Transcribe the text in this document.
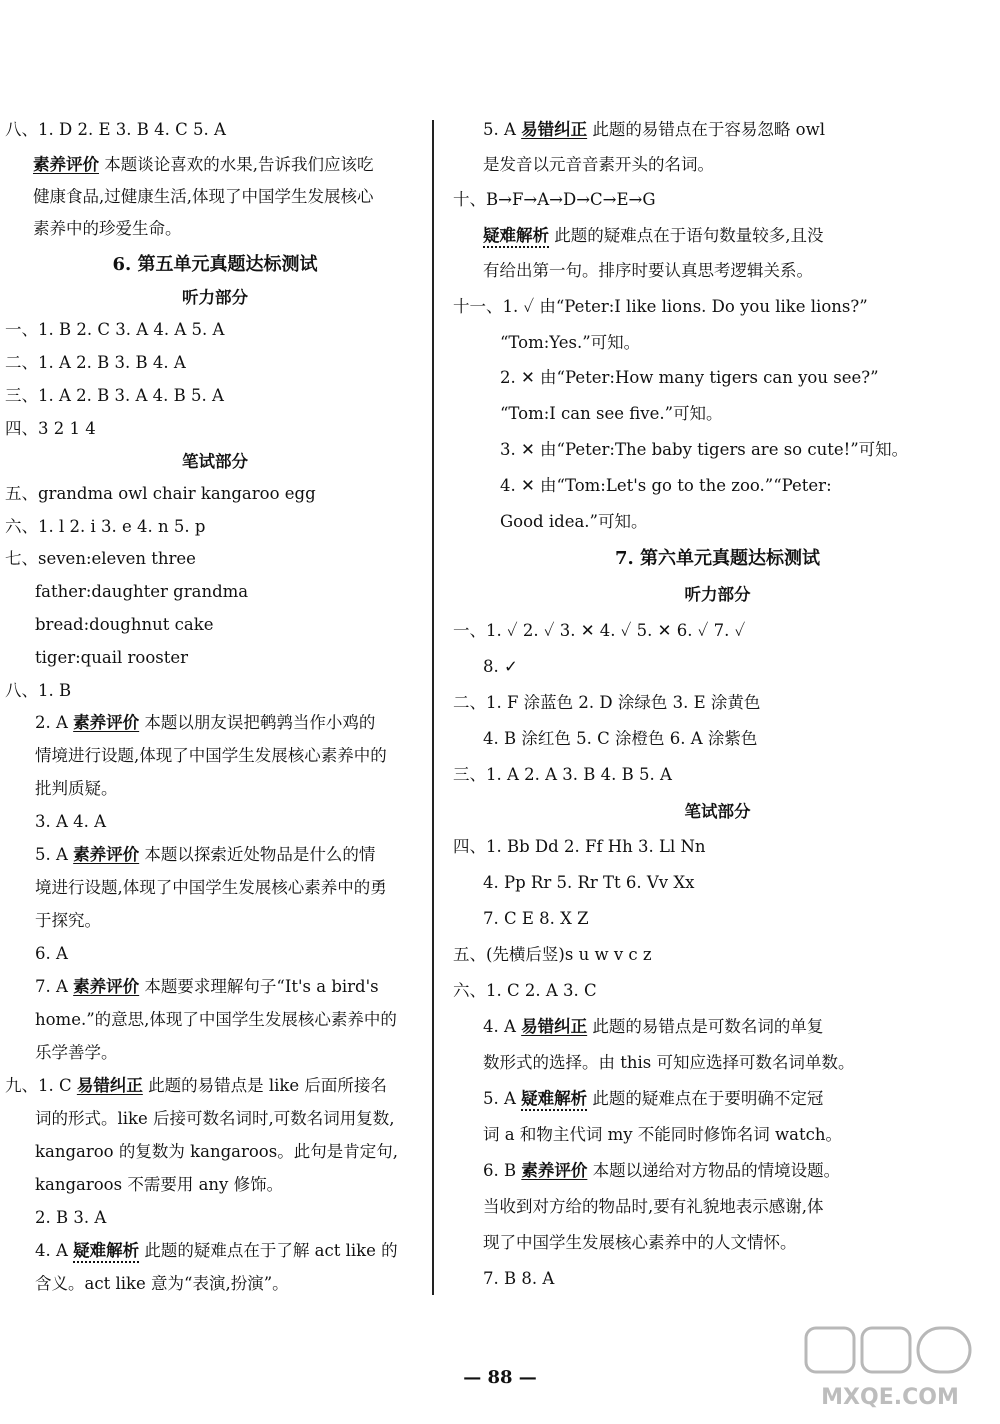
八、1. D 2. E 3. B 4. C 5. A
素养评价 本题谈论喜欢的水果,告诉我们应该吃
健康食品,过健康生活,体现了中国学生发展核心
素养中的珍爱生命。
6. 第五单元真题达标测试
听力部分
一、1. B 2. C 3. A 4. A 5. A
二、1. A 2. B 3. B 4. A
三、1. A 2. B 3. A 4. B 5. A
四、3 2 1 4
笔试部分
五、grandma owl chair kangaroo egg
六、1. l 2. i 3. e 4. n 5. p
七、seven:eleven three
father:daughter grandma
bread:doughnut cake
tiger:quail rooster
八、1. B
2. A 素养评价 本题以朋友误把鹌鹑当作小鸡的
情境进行设题,体现了中国学生发展核心素养中的
批判质疑。
3. A 4. A
5. A 素养评价 本题以探索近处物品是什么的情
境进行设题,体现了中国学生发展核心素养中的勇
于探究。
6. A
7. A 素养评价 本题要求理解句子“It's a bird's
home.”的意思,体现了中国学生发展核心素养中的
乐学善学。
九、1. C 易错纠正 此题的易错点是 like 后面所接名
词的形式。like 后接可数名词时,可数名词用复数,
kangaroo 的复数为 kangaroos。此句是肯定句,
kangaroos 不需要用 any 修饰。
2. B 3. A
4. A 疑难解析 此题的疑难点在于了解 act like 的
含义。act like 意为“表演,扮演”。
5. A 易错纠正 此题的易错点在于容易忽略 owl
是发音以元音音素开头的名词。
十、B→F→A→D→C→E→G
疑难解析 此题的疑难点在于语句数量较多,且没
有给出第一句。排序时要认真思考逻辑关系。
十一、1. ✓ 由“Peter:I like lions. Do you like lions?”
“Tom:Yes.”可知。
2. ✕ 由“Peter:How many tigers can you see?”
“Tom:I can see five.”可知。
3. ✕ 由“Peter:The baby tigers are so cute!”可知。
4. ✕ 由“Tom:Let's go to the zoo.”“Peter:
Good idea.”可知。
7. 第六单元真题达标测试
听力部分
一、1. ✓ 2. ✓ 3. ✕ 4. ✓ 5. ✕ 6. ✓ 7. ✓
8. ✓
二、1. F 涂蓝色 2. D 涂绿色 3. E 涂黄色
4. B 涂红色 5. C 涂橙色 6. A 涂紫色
三、1. A 2. A 3. B 4. B 5. A
笔试部分
四、1. Bb Dd 2. Ff Hh 3. Ll Nn
4. Pp Rr 5. Rr Tt 6. Vv Xx
7. C E 8. X Z
五、(先横后竖)s u w v c z
六、1. C 2. A 3. C
4. A 易错纠正 此题的易错点是可数名词的单复
数形式的选择。由 this 可知应选择可数名词单数。
5. A 疑难解析 此题的疑难点在于要明确不定冠
词 a 和物主代词 my 不能同时修饰名词 watch。
6. B 素养评价 本题以递给对方物品的情境设题。
当收到对方给的物品时,要有礼貌地表示感谢,体
现了中国学生发展核心素养中的人文情怀。
7. B 8. A
— 88 —
MXQE.COM
